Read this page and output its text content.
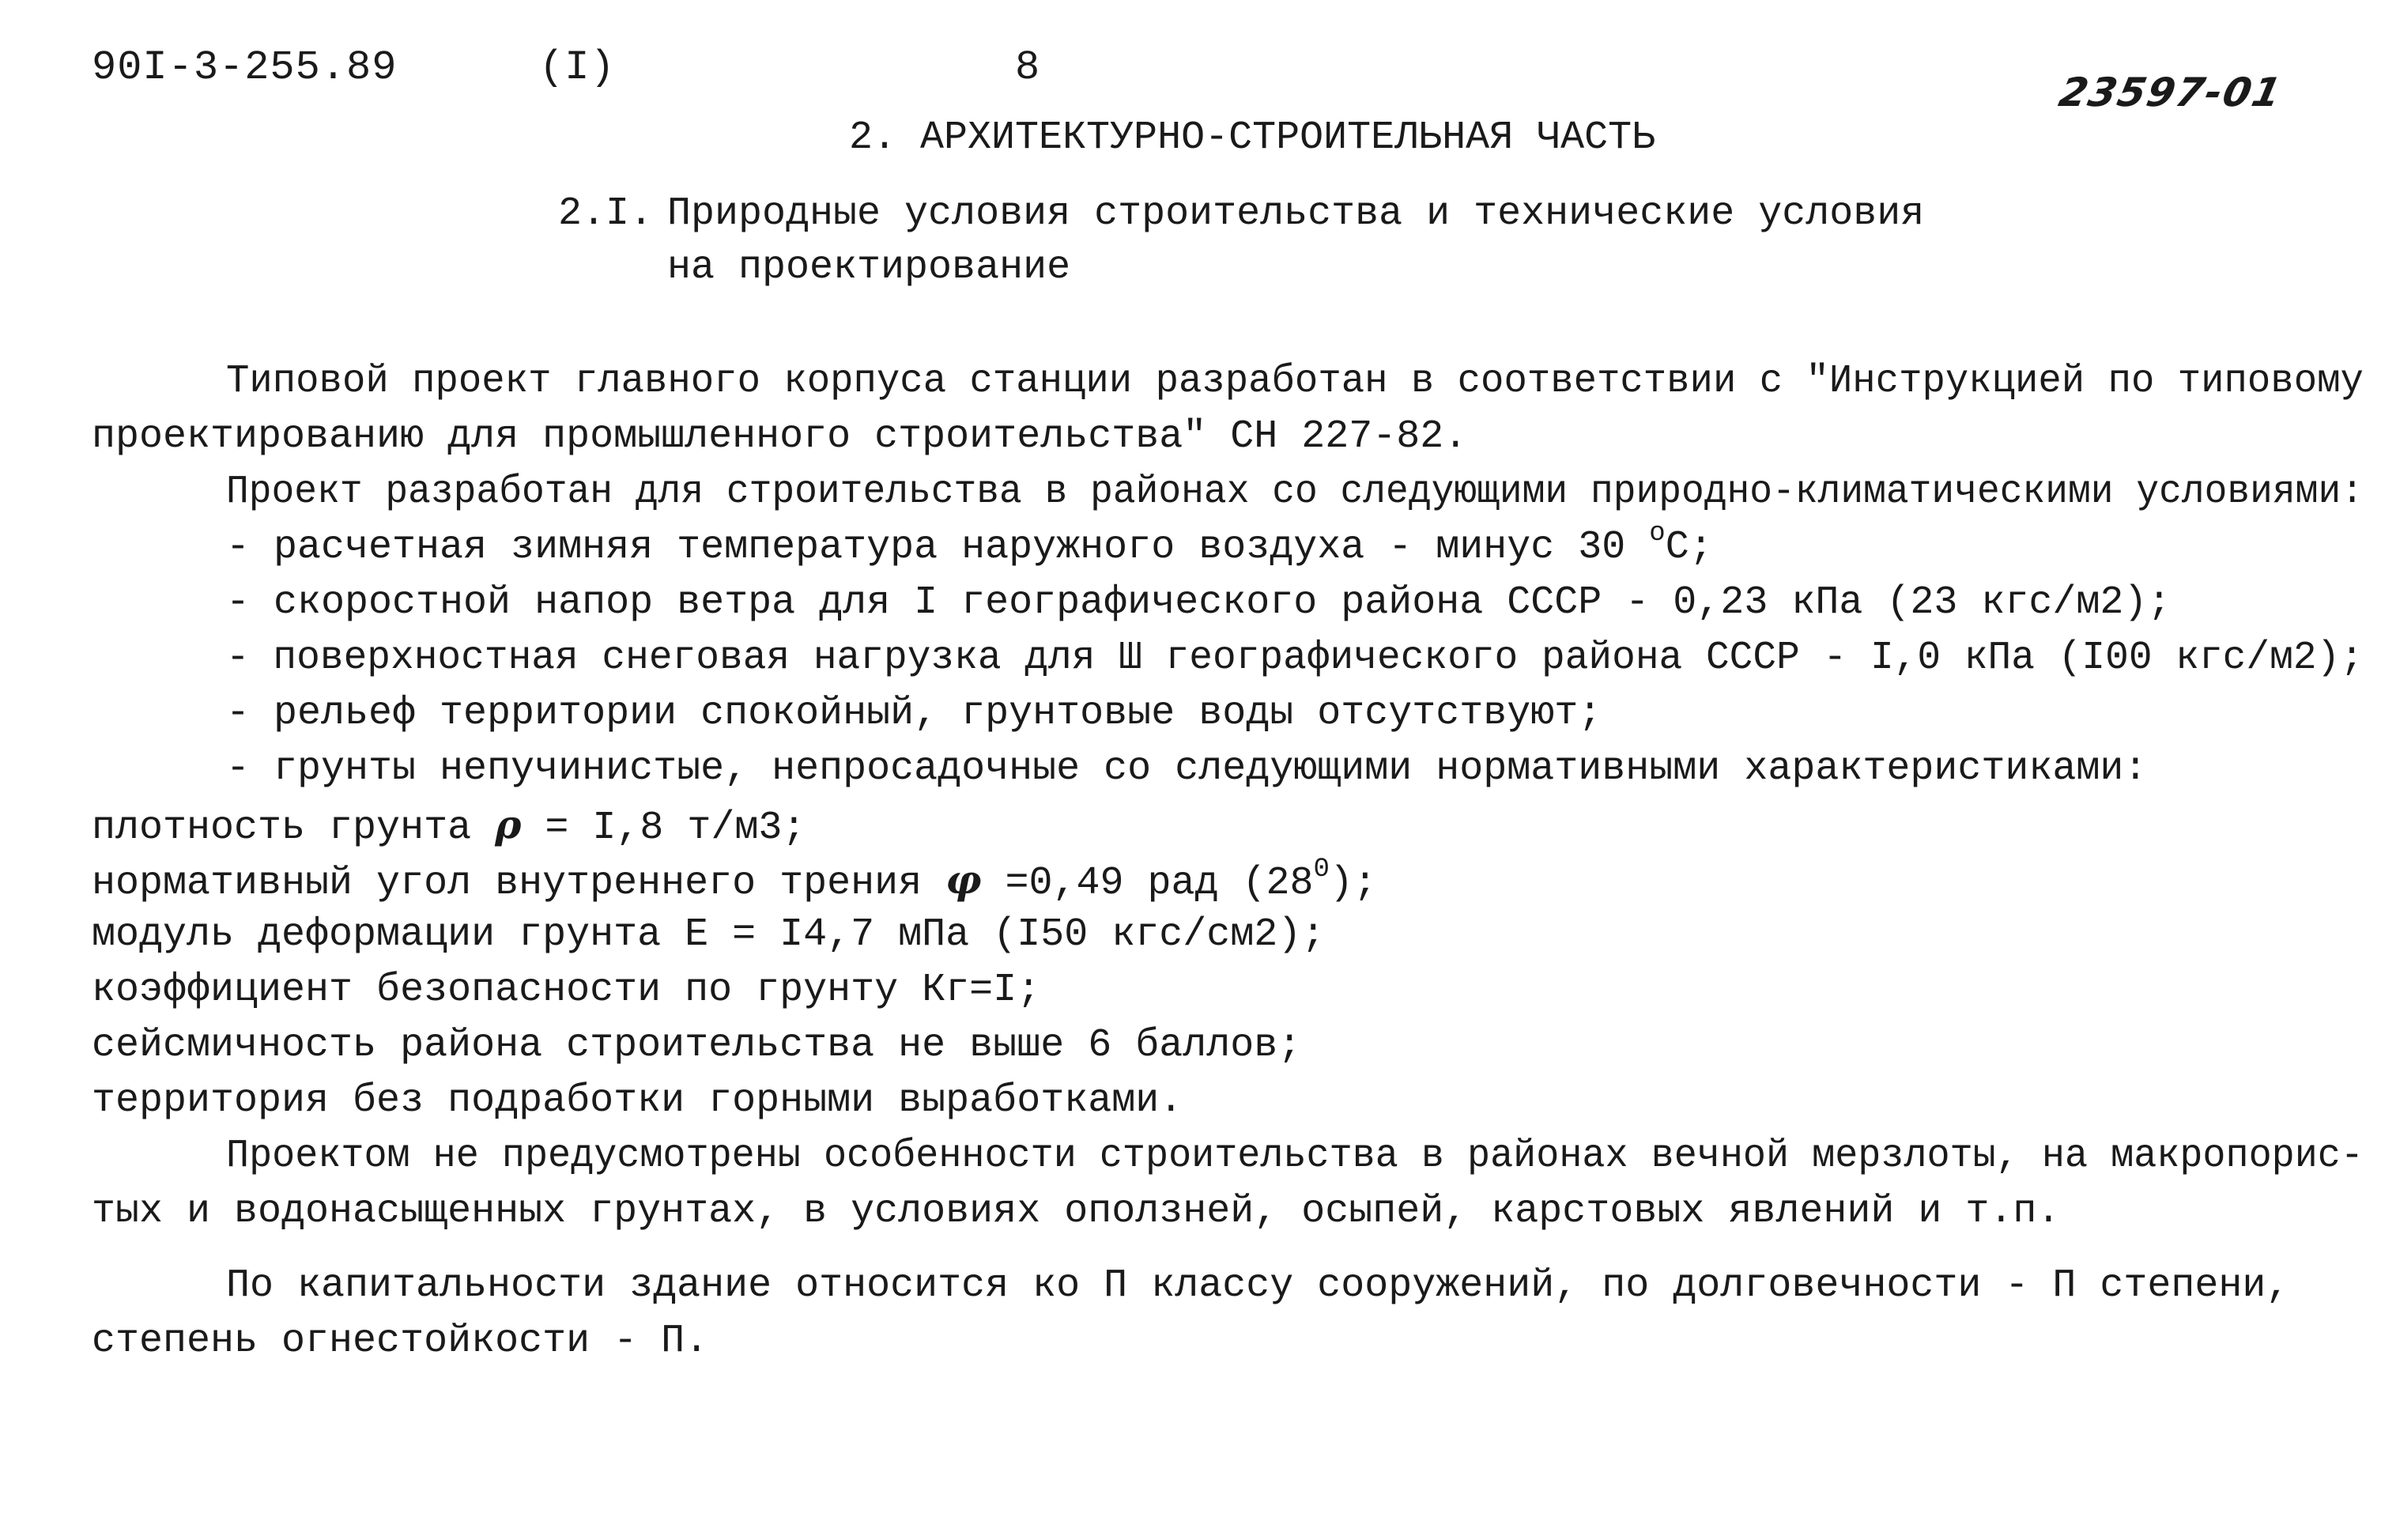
90I-3-255.89	(I)	8
23597-01
2. АРХИТЕКТУРНО-СТРОИТЕЛЬНАЯ ЧАСТЬ
2.I. Природные условия строительства и технические условия
на проектирование
Типовой проект главного корпуса станции разработан в соответствии с "Инструкцией по типовому
проектированию для промышленного строительства" СН 227-82.
Проект разработан для строительства в районах со следующими природно-климатическими условиями:
- расчетная зимняя температура наружного воздуха - минус 30 $^o$С;
- скоростной напор ветра для I географического района СССР - 0,23 кПа (23 кгс/м2);
- поверхностная снеговая нагрузка для Ш географического района СССР - I,0 кПа (I00 кгс/м2);
- рельеф территории спокойный, грунтовые воды отсутствуют;
- грунты непучинистые, непросадочные со следующими нормативными характеристиками:
плотность грунта ρ = I,8 т/м3;
нормативный угол внутреннего трения φ =0,49 рад $(28^0)$;
модуль деформации грунта Е = I4,7 мПа (I50 кгс/см2);
коэффициент безопасности по грунту Кг=I;
сейсмичность района строительства не выше 6 баллов;
территория без подработки горными выработками.
Проектом не предусмотрены особенности строительства в районах вечной мерзлоты, на макропорис-
тых и водонасыщенных грунтах, в условиях оползней, осыпей, карстовых явлений и т.п.
По капитальности здание относится ко П классу сооружений, по долговечности - П степени,
степень огнестойкости - П.
